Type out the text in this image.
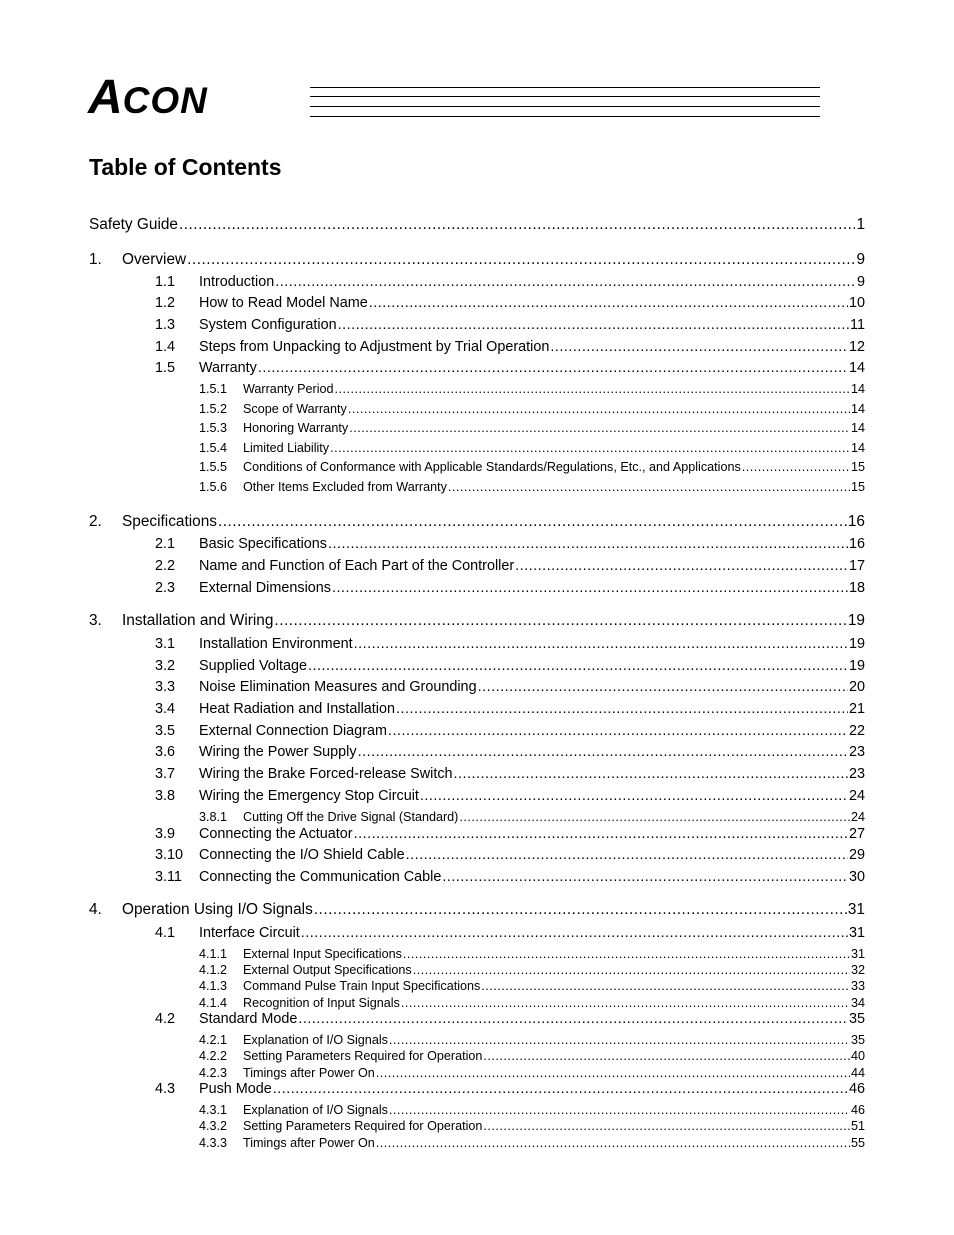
ACON
Table of Contents
Safety Guide .....	1
1.	Overview .....	9
1.1	Introduction .....	9
1.2	How to Read Model Name .....	10
1.3	System Configuration .....	11
1.4	Steps from Unpacking to Adjustment by Trial Operation .....	12
1.5	Warranty .....	14
1.5.1	Warranty Period .....	14
1.5.2	Scope of Warranty .....	14
1.5.3	Honoring Warranty .....	14
1.5.4	Limited Liability .....	14
1.5.5	Conditions of Conformance with Applicable Standards/Regulations, Etc., and Applications .....	15
1.5.6	Other Items Excluded from Warranty .....	15
2.	Specifications .....	16
2.1	Basic Specifications .....	16
2.2	Name and Function of Each Part of the Controller .....	17
2.3	External Dimensions .....	18
3.	Installation and Wiring .....	19
3.1	Installation Environment .....	19
3.2	Supplied Voltage .....	19
3.3	Noise Elimination Measures and Grounding .....	20
3.4	Heat Radiation and Installation .....	21
3.5	External Connection Diagram .....	22
3.6	Wiring the Power Supply .....	23
3.7	Wiring the Brake Forced-release Switch .....	23
3.8	Wiring the Emergency Stop Circuit .....	24
3.8.1	Cutting Off the Drive Signal (Standard) .....	24
3.9	Connecting the Actuator .....	27
3.10	Connecting the I/O Shield Cable .....	29
3.11	Connecting the Communication Cable .....	30
4.	Operation Using I/O Signals .....	31
4.1	Interface Circuit .....	31
4.1.1	External Input Specifications .....	31
4.1.2	External Output Specifications .....	32
4.1.3	Command Pulse Train Input Specifications .....	33
4.1.4	Recognition of Input Signals .....	34
4.2	Standard Mode .....	35
4.2.1	Explanation of I/O Signals .....	35
4.2.2	Setting Parameters Required for Operation .....	40
4.2.3	Timings after Power On .....	44
4.3	Push Mode .....	46
4.3.1	Explanation of I/O Signals .....	46
4.3.2	Setting Parameters Required for Operation .....	51
4.3.3	Timings after Power On .....	55
